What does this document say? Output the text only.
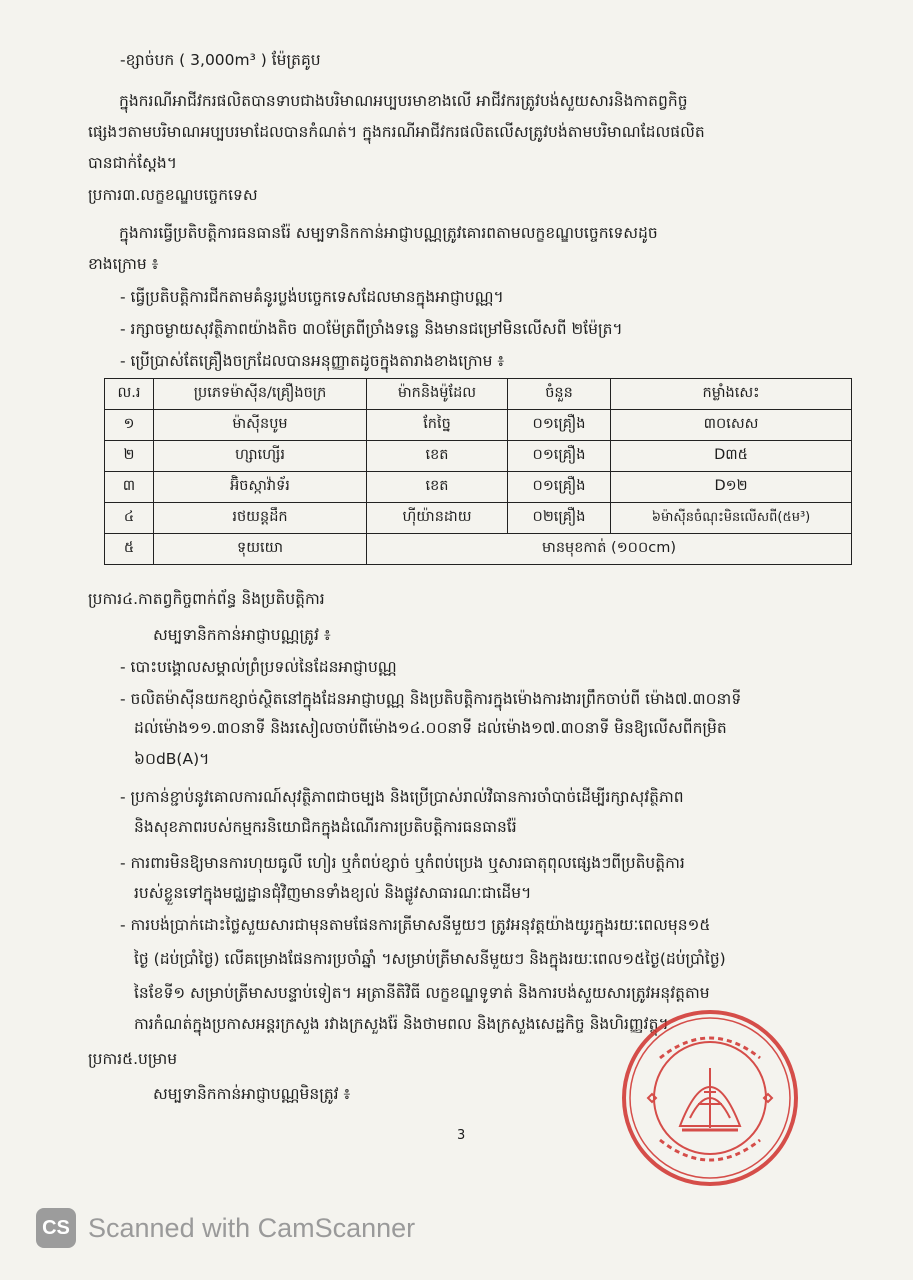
-ខ្សាច់បក ( 3,000m³ ) ម៉ែត្រគូប
ក្នុងករណីអាជីវករផលិតបានទាបជាងបរិមាណអប្បបរមាខាងលើ អាជីវករត្រូវបង់សួយសារនិងកាតព្វកិច្ច
ផ្សេងៗតាមបរិមាណអប្បបរមាដែលបានកំណត់។ ក្នុងករណីអាជីវករផលិតលើសត្រូវបង់តាមបរិមាណដែលផលិត
បានជាក់ស្តែង។
ប្រការ៣.លក្ខខណ្ឌបច្ចេកទេស
ក្នុងការធ្វើប្រតិបត្តិការធនធានរ៉ែ សម្បទានិកកាន់អាជ្ញាបណ្ណត្រូវគោរពតាមលក្ខខណ្ឌបច្ចេកទេសដូច
ខាងក្រោម ៖
- ធ្វើប្រតិបត្តិការជីកតាមគំនូរប្លង់បច្ចេកទេសដែលមានក្នុងអាជ្ញាបណ្ណ។
- រក្សាចម្ងាយសុវត្ថិភាពយ៉ាងតិច ៣០ម៉ែត្រពីច្រាំងទន្លេ និងមានជម្រៅមិនលើសពី ២ម៉ែត្រ។
- ប្រើប្រាស់តែគ្រឿងចក្រដែលបានអនុញ្ញាតដូចក្នុងតារាងខាងក្រោម ៖
ល.រ	ប្រភេទម៉ាស៊ីន/គ្រឿងចក្រ	ម៉ាកនិងម៉ូដែល	ចំនួន	កម្លាំងសេះ
១	ម៉ាស៊ីនបូម	កែច្នៃ	០១គ្រឿង	៣០សេស
២	ហ្សាហ្សេីរ	ខេត	០១គ្រឿង	D៣៥
៣	អ៊ិចស្កាវ៉ាទ័រ	ខេត	០១គ្រឿង	D១២
៤	រថយន្តដឹក	ហ៊ីយ៉ានដាយ	០២គ្រឿង	៦ម៉ាស៊ីនចំណុះមិនលើសពី(៥ម³)
៥	ទុយយោ	មានមុខកាត់ (១០០cm)		
ប្រការ៤.កាតព្វកិច្ចពាក់ព័ន្ធ និងប្រតិបត្តិការ
សម្បទានិកកាន់អាជ្ញាបណ្ណត្រូវ ៖
- បោះបង្គោលសម្គាល់ព្រំប្រទល់នៃដែនអាជ្ញាបណ្ណ
- ចលិតម៉ាស៊ីនយកខ្សាច់ស្ថិតនៅក្នុងដែនអាជ្ញាបណ្ណ និងប្រតិបត្តិការក្នុងម៉ោងការងារព្រឹកចាប់ពី ម៉ោង៧.៣០នាទី
ដល់ម៉ោង១១.៣០នាទី និងរសៀលចាប់ពីម៉ោង១៤.០០នាទី ដល់ម៉ោង១៧.៣០នាទី មិនឱ្យលើសពីកម្រិត
៦០dB(A)។
- ប្រកាន់ខ្ជាប់នូវគោលការណ៍សុវត្ថិភាពជាចម្បង និងប្រើប្រាស់រាល់វិធានការចាំបាច់ដើម្បីរក្សាសុវត្ថិភាព
និងសុខភាពរបស់កម្មករនិយោជិកក្នុងដំណើរការប្រតិបត្តិការធនធានរ៉ែ
- ការពារមិនឱ្យមានការហុយធូលី ហៀរ ឬកំពប់ខ្សាច់ ឬកំពប់ប្រេង ឬសារធាតុពុលផ្សេងៗពីប្រតិបត្តិការ
របស់ខ្លួនទៅក្នុងមជ្ឈដ្ឋានជុំវិញមានទាំងខ្យល់ និងផ្លូវសាធារណៈជាដើម។
- ការបង់ប្រាក់ដោះថ្លៃសួយសារជាមុនតាមផែនការត្រីមាសនីមួយៗ ត្រូវអនុវត្តយ៉ាងយូរក្នុងរយៈពេលមុន១៥
ថ្ងៃ (ដប់ប្រាំថ្ងៃ) លើគម្រោងផែនការប្រចាំឆ្នាំ ។សម្រាប់ត្រីមាសនីមួយៗ និងក្នុងរយៈពេល១៥ថ្ងៃ(ដប់ប្រាំថ្ងៃ)
នៃខែទី១ សម្រាប់ត្រីមាសបន្ទាប់ទៀត។ អត្រានីតិវិធី លក្ខខណ្ឌទូទាត់ និងការបង់សួយសារត្រូវអនុវត្តតាម
ការកំណត់ក្នុងប្រកាសអន្តរក្រសួង រវាងក្រសួងរ៉ែ និងថាមពល និងក្រសួងសេដ្ឋកិច្ច និងហិរញ្ញវត្ថុ។
ប្រការ៥.បម្រាម
សម្បទានិកកាន់អាជ្ញាបណ្ណមិនត្រូវ ៖
3
CS Scanned with CamScanner
